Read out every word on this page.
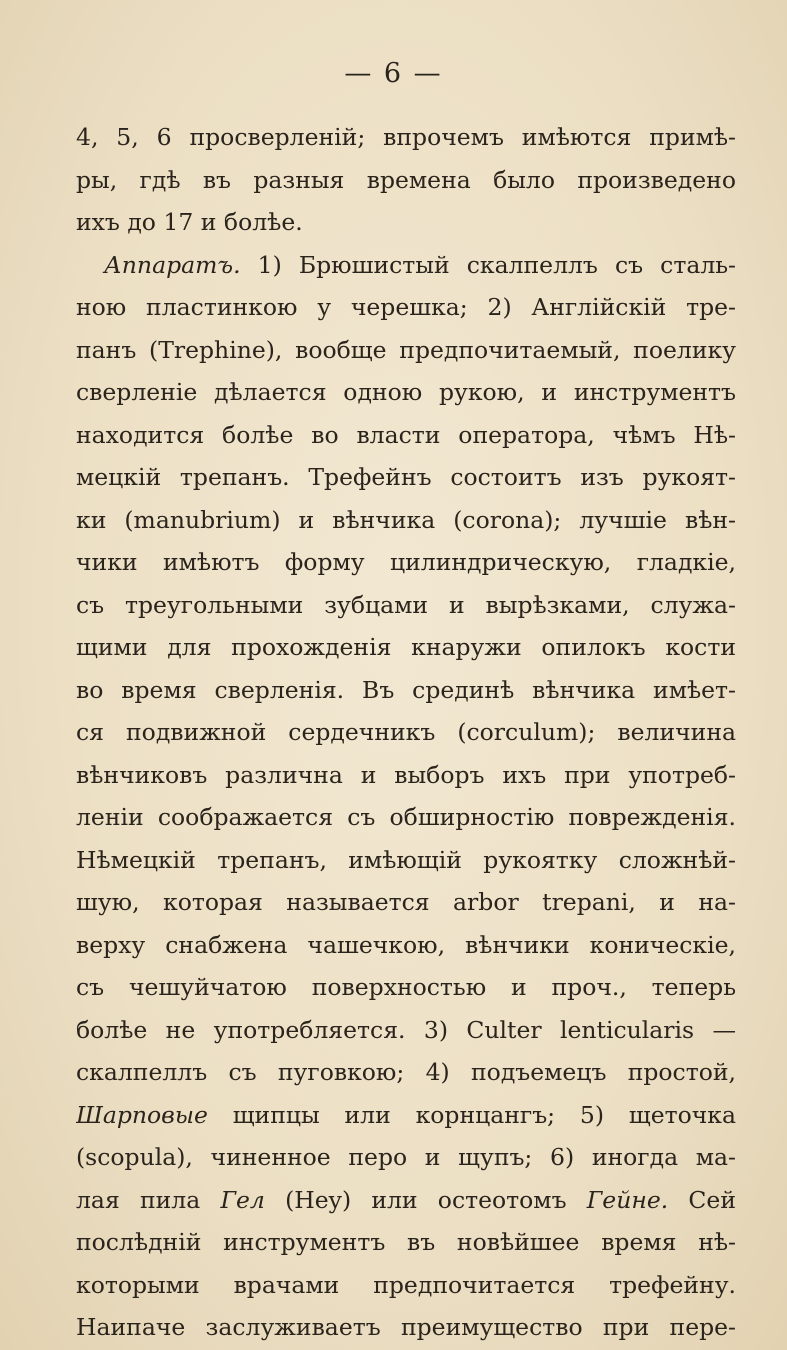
— 6 —
4, 5, 6 просверленій; впрочемъ имѣются примѣ-
ры, гдѣ въ разныя времена было произведено
ихъ до 17 и болѣе.
Аппаратъ. 1) Брюшистый скалпеллъ съ сталь-
ною пластинкою у черешка; 2) Англійскій тре-
панъ (Trephine), вообще предпочитаемый, поелику
сверленіе дѣлается одною рукою, и инструментъ
находится болѣе во власти оператора, чѣмъ Нѣ-
мецкій трепанъ. Трефейнъ состоитъ изъ рукоят-
ки (manubrium) и вѣнчика (corona); лучшіе вѣн-
чики имѣютъ форму цилиндрическую, гладкіе,
съ треугольными зубцами и вырѣзками, служа-
щими для прохожденія кнаружи опилокъ кости
во время сверленія. Въ срединѣ вѣнчика имѣет-
ся подвижной сердечникъ (corculum); величина
вѣнчиковъ различна и выборъ ихъ при употреб-
леніи соображается съ обширностію поврежденія.
Нѣмецкій трепанъ, имѣющій рукоятку сложнѣй-
шую, которая называется arbor trepani, и на-
верху снабжена чашечкою, вѣнчики коническіе,
съ чешуйчатою поверхностью и проч., теперь
болѣе не употребляется. 3) Culter lenticularis —
скалпеллъ съ пуговкою; 4) подъемецъ простой,
Шарповые щипцы или корнцангъ; 5) щеточка
(scopula), чиненное перо и щупъ; 6) иногда ма-
лая пила Гел (Hey) или остеотомъ Гейне. Сей
послѣдній инструментъ въ новѣйшее время нѣ-
которыми врачами предпочитается трефейну.
Наипаче заслуживаетъ преимущество при пере-
